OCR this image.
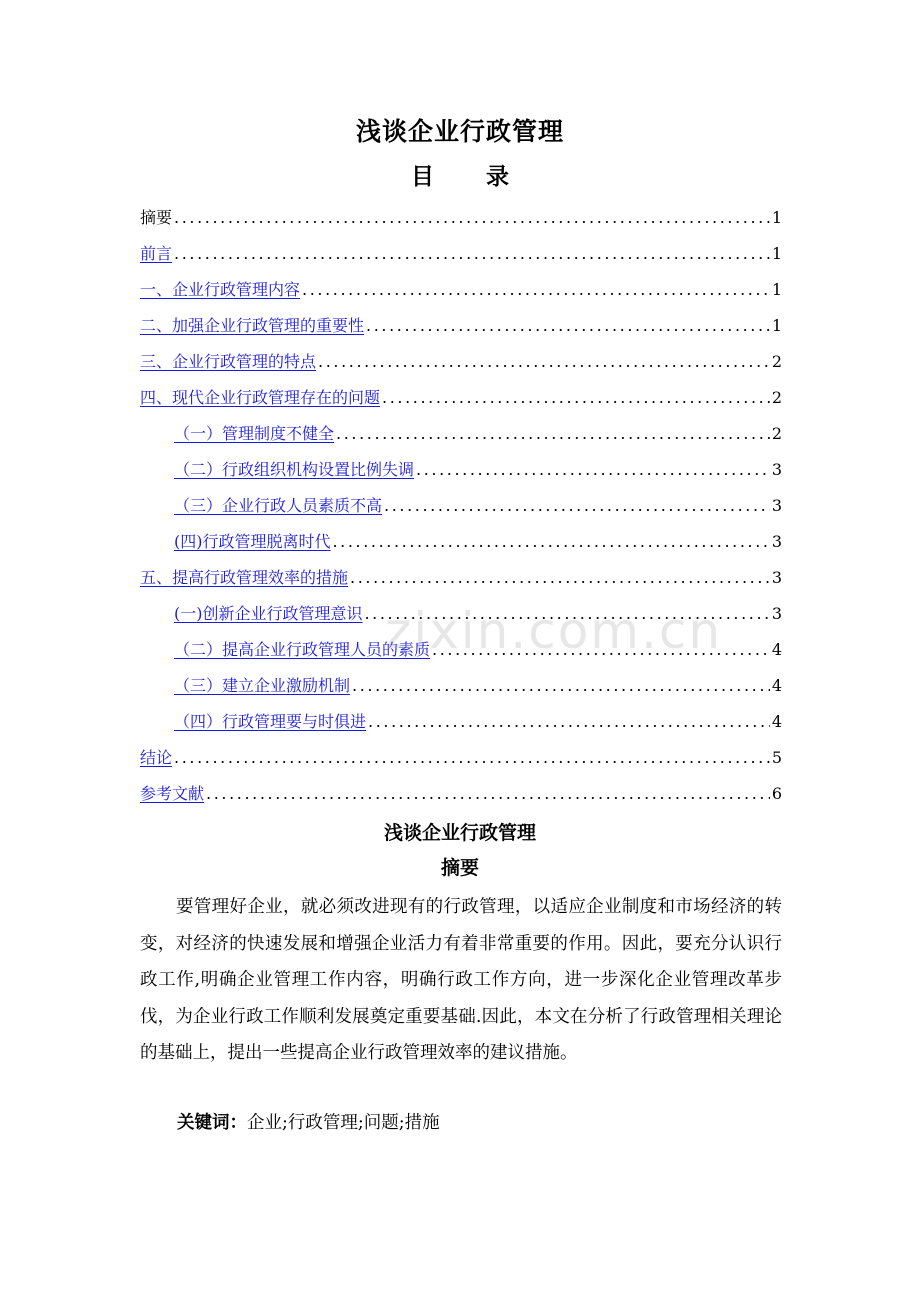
浅谈企业行政管理
目 录
摘要 .....	1
前言 .....	1
一、企业行政管理内容 .....	1
二、加强企业行政管理的重要性 .....	1
三、企业行政管理的特点 .....	2
四、现代企业行政管理存在的问题 .....	2
（一）管理制度不健全 .....	2
（二）行政组织机构设置比例失调 .....	3
（三）企业行政人员素质不高 .....	3
(四)行政管理脱离时代 .....	3
五、提高行政管理效率的措施 .....	3
(一)创新企业行政管理意识 .....	3
（二）提高企业行政管理人员的素质 .....	4
（三）建立企业激励机制 .....	4
（四）行政管理要与时俱进 .....	4
结论 .....	5
参考文献 .....	6
zixin.com.cn
浅谈企业行政管理
摘要
要管理好企业，就必须改进现有的行政管理，以适应企业制度和市场经济的转变，对经济的快速发展和增强企业活力有着非常重要的作用。因此，要充分认识行政工作,明确企业管理工作内容，明确行政工作方向，进一步深化企业管理改革步伐，为企业行政工作顺利发展奠定重要基础.因此，本文在分析了行政管理相关理论的基础上，提出一些提高企业行政管理效率的建议措施。
关键词：企业;行政管理;问题;措施
